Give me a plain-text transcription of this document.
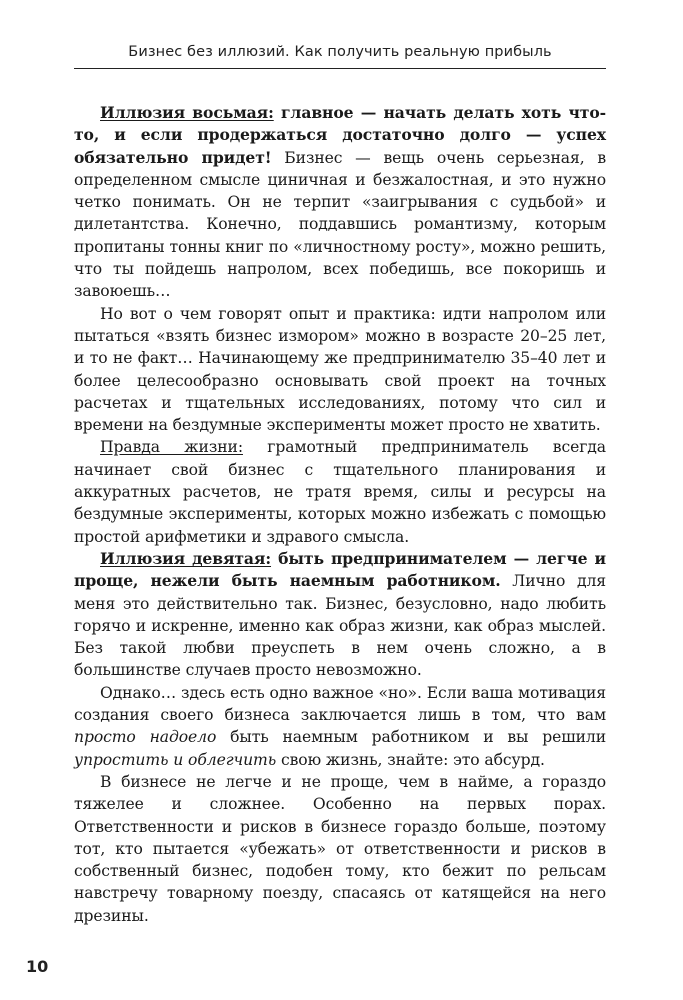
Бизнес без иллюзий. Как получить реальную прибыль

Иллюзия восьмая: главное — начать делать хоть что-то, и если продержаться достаточно долго — успех обязательно придет! Бизнес — вещь очень серьезная, в определенном смысле циничная и безжалостная, и это нужно четко понимать. Он не терпит «заигрывания с судьбой» и дилетантства. Конечно, поддавшись романтизму, которым пропитаны тонны книг по «личностному росту», можно решить, что ты пойдешь напролом, всех победишь, все покоришь и завоюешь…

Но вот о чем говорят опыт и практика: идти напролом или пытаться «взять бизнес измором» можно в возрасте 20–25 лет, и то не факт… Начинающему же предпринимателю 35–40 лет и более целесообразно основывать свой проект на точных расчетах и тщательных исследованиях, потому что сил и времени на бездумные эксперименты может просто не хватить.

Правда жизни: грамотный предприниматель всегда начинает свой бизнес с тщательного планирования и аккуратных расчетов, не тратя время, силы и ресурсы на бездумные эксперименты, которых можно избежать с помощью простой арифметики и здравого смысла.

Иллюзия девятая: быть предпринимателем — легче и проще, нежели быть наемным работником. Лично для меня это действительно так. Бизнес, безусловно, надо любить горячо и искренне, именно как образ жизни, как образ мыслей. Без такой любви преуспеть в нем очень сложно, а в большинстве случаев просто невозможно.

Однако… здесь есть одно важное «но». Если ваша мотивация создания своего бизнеса заключается лишь в том, что вам просто надоело быть наемным работником и вы решили упростить и облегчить свою жизнь, знайте: это абсурд.

В бизнесе не легче и не проще, чем в найме, а гораздо тяжелее и сложнее. Особенно на первых порах. Ответственности и рисков в бизнесе гораздо больше, поэтому тот, кто пытается «убежать» от ответственности и рисков в собственный бизнес, подобен тому, кто бежит по рельсам навстречу товарному поезду, спасаясь от катящейся на него дрезины.

10
